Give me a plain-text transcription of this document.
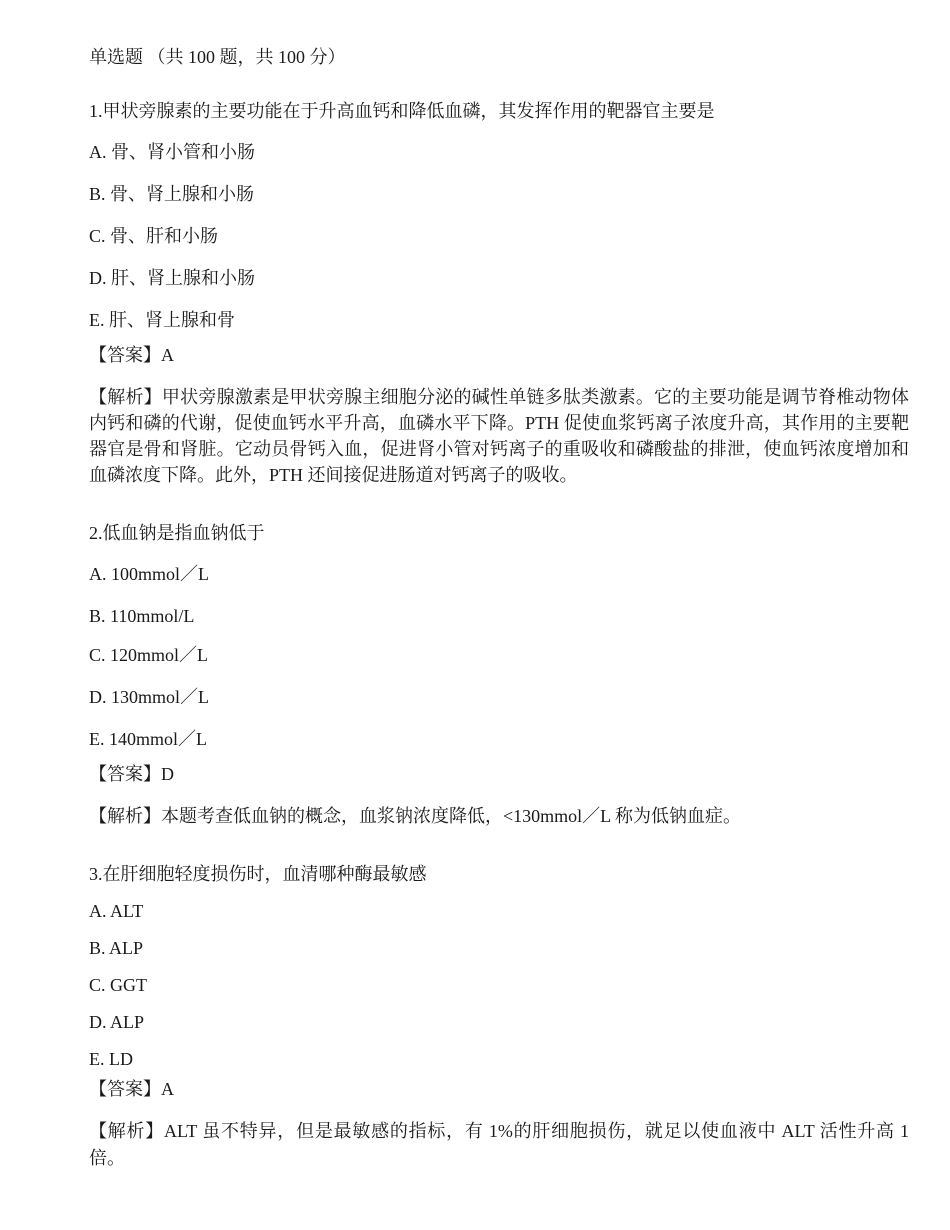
单选题 （共 100 题，共 100 分）
1.甲状旁腺素的主要功能在于升高血钙和降低血磷，其发挥作用的靶器官主要是
A. 骨、肾小管和小肠
B. 骨、肾上腺和小肠
C. 骨、肝和小肠
D. 肝、肾上腺和小肠
E. 肝、肾上腺和骨
【答案】A
【解析】甲状旁腺激素是甲状旁腺主细胞分泌的碱性单链多肽类激素。它的主要功能是调节脊椎动物体内钙和磷的代谢，促使血钙水平升高，血磷水平下降。PTH 促使血浆钙离子浓度升高，其作用的主要靶器官是骨和肾脏。它动员骨钙入血，促进肾小管对钙离子的重吸收和磷酸盐的排泄，使血钙浓度增加和血磷浓度下降。此外，PTH 还间接促进肠道对钙离子的吸收。
2.低血钠是指血钠低于
A. 100mmol／L
B. 110mmol/L
C. 120mmol／L
D. 130mmol／L
E. 140mmol／L
【答案】D
【解析】本题考查低血钠的概念，血浆钠浓度降低，<130mmol／L 称为低钠血症。
3.在肝细胞轻度损伤时，血清哪种酶最敏感
A. ALT
B. ALP
C. GGT
D. ALP
E. LD
【答案】A
【解析】ALT 虽不特异，但是最敏感的指标，有 1%的肝细胞损伤，就足以使血液中 ALT 活性升高 1 倍。
